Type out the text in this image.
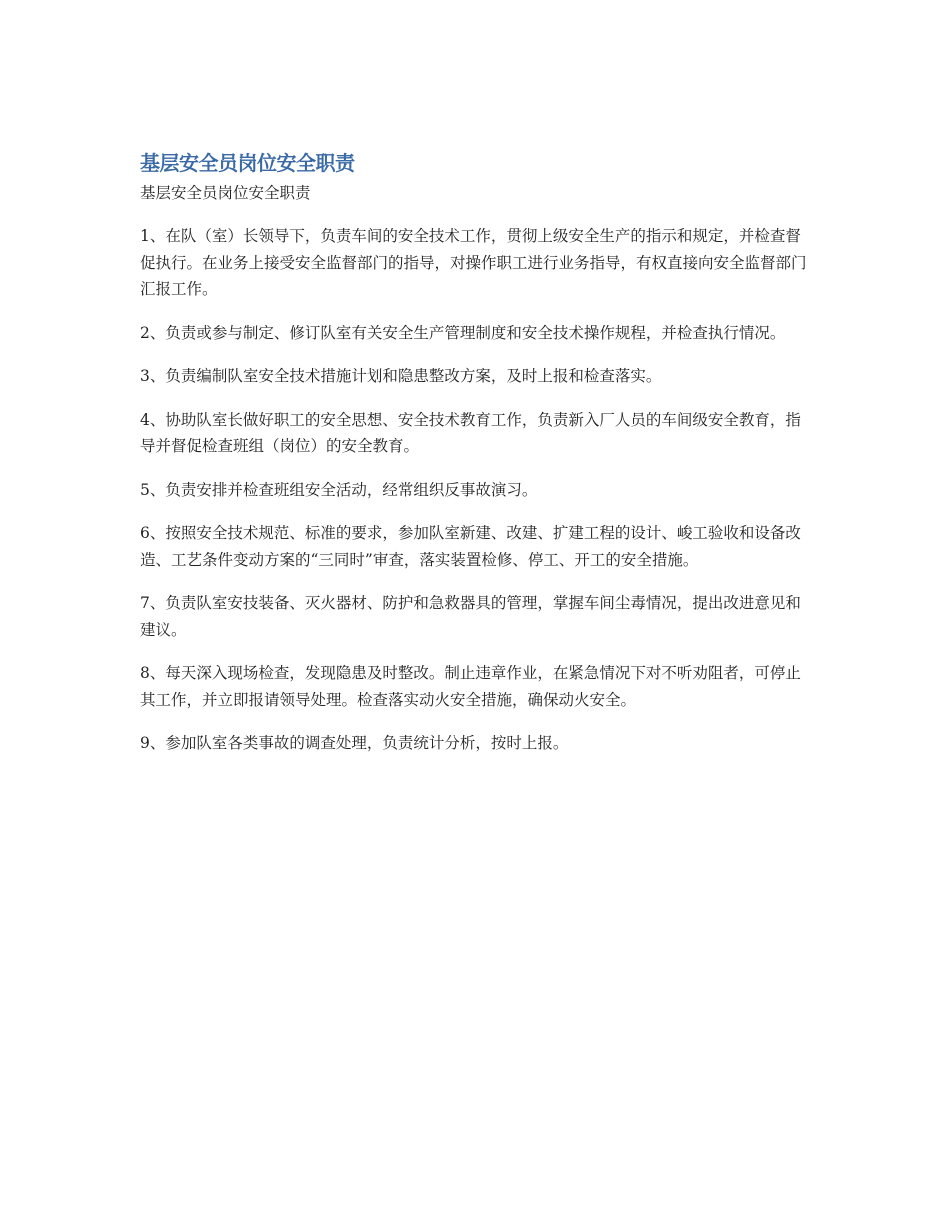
基层安全员岗位安全职责

基层安全员岗位安全职责

1、在队（室）长领导下，负责车间的安全技术工作，贯彻上级安全生产的指示和规定，并检查督促执行。在业务上接受安全监督部门的指导，对操作职工进行业务指导，有权直接向安全监督部门汇报工作。

2、负责或参与制定、修订队室有关安全生产管理制度和安全技术操作规程，并检查执行情况。

3、负责编制队室安全技术措施计划和隐患整改方案，及时上报和检查落实。

4、协助队室长做好职工的安全思想、安全技术教育工作，负责新入厂人员的车间级安全教育，指导并督促检查班组（岗位）的安全教育。

5、负责安排并检查班组安全活动，经常组织反事故演习。

6、按照安全技术规范、标准的要求，参加队室新建、改建、扩建工程的设计、峻工验收和设备改造、工艺条件变动方案的“三同时”审查，落实装置检修、停工、开工的安全措施。

7、负责队室安技装备、灭火器材、防护和急救器具的管理，掌握车间尘毒情况，提出改进意见和建议。

8、每天深入现场检查，发现隐患及时整改。制止违章作业，在紧急情况下对不听劝阻者，可停止其工作，并立即报请领导处理。检查落实动火安全措施，确保动火安全。

9、参加队室各类事故的调查处理，负责统计分析，按时上报。
